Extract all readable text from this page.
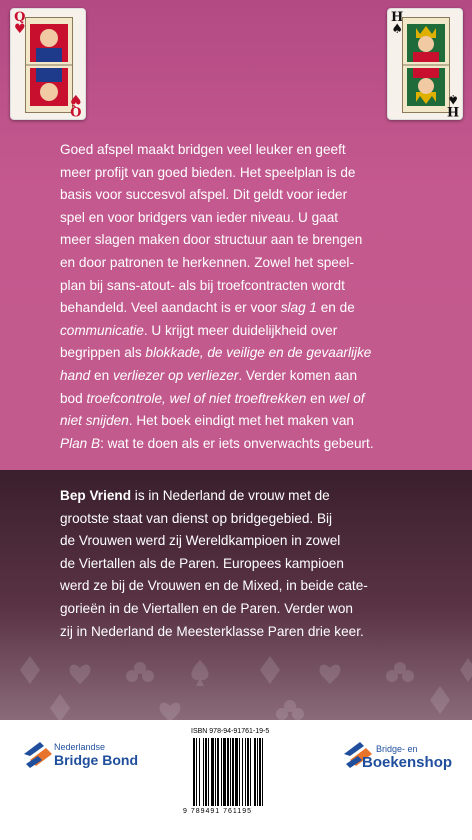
Q
♥
Q
♥
H
♠
H
♠
Goed afspel maakt bridgen veel leuker en geeft
meer profijt van goed bieden. Het speelplan is de
basis voor succesvol afspel. Dit geldt voor ieder
spel en voor bridgers van ieder niveau. U gaat
meer slagen maken door structuur aan te brengen
en door patronen te herkennen. Zowel het speel-
plan bij sans-atout- als bij troefcontracten wordt
behandeld. Veel aandacht is er voor slag 1 en de
communicatie. U krijgt meer duidelijkheid over
begrippen als blokkade, de veilige en de gevaarlijke
hand en verliezer op verliezer. Verder komen aan
bod troefcontrole, wel of niet troeftrekken en wel of
niet snijden. Het boek eindigt met het maken van
Plan B: wat te doen als er iets onverwachts gebeurt.
Bep Vriend is in Nederland de vrouw met de
grootste staat van dienst op bridgegebied. Bij
de Vrouwen werd zij Wereldkampioen in zowel
de Viertallen als de Paren. Europees kampioen
werd ze bij de Vrouwen en de Mixed, in beide cate-
gorieën in de Viertallen en de Paren. Verder won
zij in Nederland de Meesterklasse Paren drie keer.
Nederlandse
Bridge Bond
Bridge- en
Boekenshop
ISBN 978-94-91761-19-5
9 789491 761195
